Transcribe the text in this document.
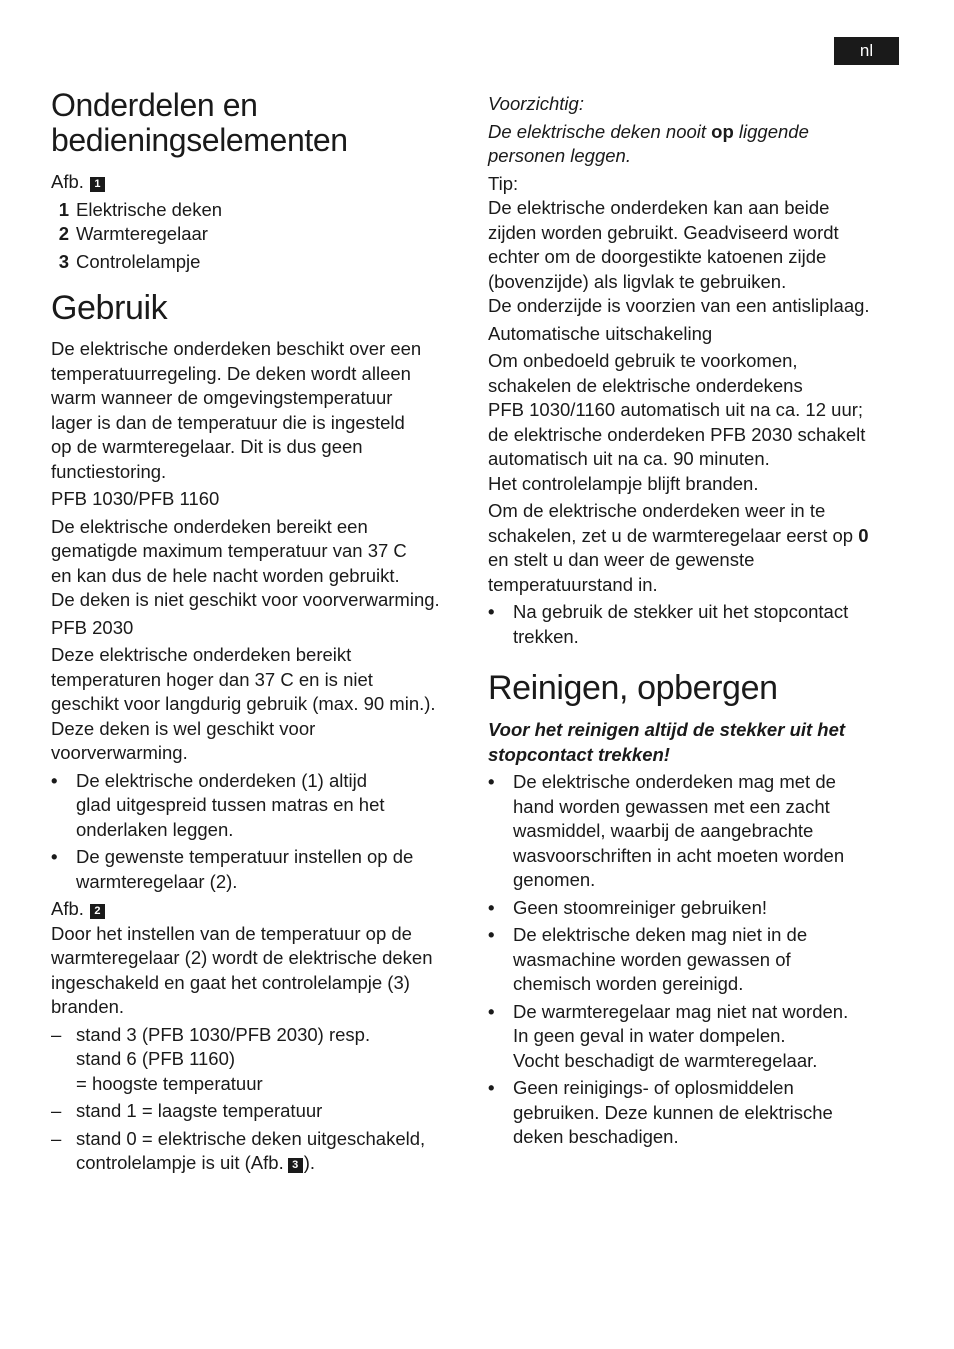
nl
Onderdelen en
bedieningselementen

Afb. 1

1 Elektrische deken
2 Warmteregelaar
3 Controlelampje
Gebruik

De elektrische onderdeken beschikt over een
temperatuurregeling. De deken wordt alleen
warm wanneer de omgevingstemperatuur
lager is dan de temperatuur die is ingesteld
op de warmteregelaar. Dit is dus geen
functiestoring.

PFB 1030/PFB 1160

De elektrische onderdeken bereikt een
gematigde maximum temperatuur van 37 C
en kan dus de hele nacht worden gebruikt.
De deken is niet geschikt voor voorverwarming.

PFB 2030

Deze elektrische onderdeken bereikt
temperaturen hoger dan 37 C en is niet
geschikt voor langdurig gebruik (max. 90 min.).
Deze deken is wel geschikt voor
voorverwarming.

•	De elektrische onderdeken (1) altijd
glad uitgespreid tussen matras en het
onderlaken leggen.
•	De gewenste temperatuur instellen op de
warmteregelaar (2).

Afb. 2

Door het instellen van de temperatuur op de
warmteregelaar (2) wordt de elektrische deken
ingeschakeld en gaat het controlelampje (3)
branden.

– stand 3 (PFB 1030/PFB 2030) resp.
stand 6 (PFB 1160)
= hoogste temperatuur
– stand 1 = laagste temperatuur
– stand 0 = elektrische deken uitgeschakeld,
controlelampje is uit (Afb. 3 ).

Voorzichtig:

De elektrische deken nooit op liggende
personen leggen.

Tip:

De elektrische onderdeken kan aan beide
zijden worden gebruikt. Geadviseerd wordt
echter om de doorgestikte katoenen zijde
(bovenzijde) als ligvlak te gebruiken.
De onderzijde is voorzien van een antisliplaag.

Automatische uitschakeling

Om onbedoeld gebruik te voorkomen,
schakelen de elektrische onderdekens
PFB 1030/1160 automatisch uit na ca. 12 uur;
de elektrische onderdeken PFB 2030 schakelt
automatisch uit na ca. 90 minuten.
Het controlelampje blijft branden.

Om de elektrische onderdeken weer in te
schakelen, zet u de warmteregelaar eerst op 0
en stelt u dan weer de gewenste
temperatuurstand in.

•	Na gebruik de stekker uit het stopcontact
trekken.
Reinigen, opbergen

Voor het reinigen altijd de stekker uit het
stopcontact trekken!

•	De elektrische onderdeken mag met de
hand worden gewassen met een zacht
wasmiddel, waarbij de aangebrachte
wasvoorschriften in acht moeten worden
genomen.
•	Geen stoomreiniger gebruiken!
•	De elektrische deken mag niet in de
wasmachine worden gewassen of
chemisch worden gereinigd.
•	De warmteregelaar mag niet nat worden.
In geen geval in water dompelen.
Vocht beschadigt de warmteregelaar.
•	Geen reinigings- of oplosmiddelen
gebruiken. Deze kunnen de elektrische
deken beschadigen.
